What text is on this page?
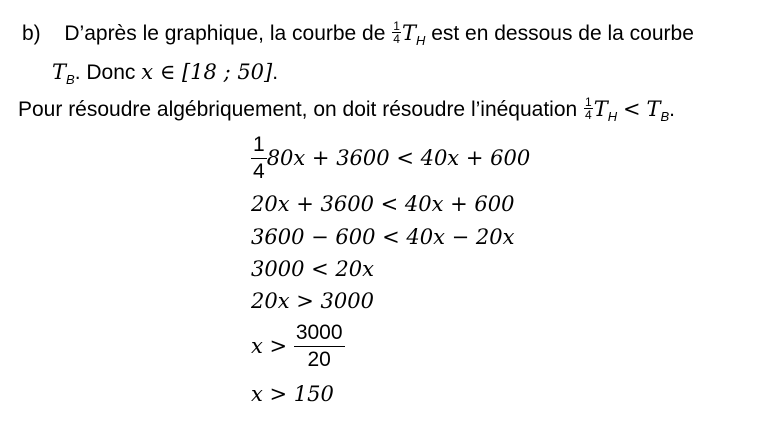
b) D’après le graphique, la courbe de $\frac{1}{4} T_H$ est en dessous de la courbe
$T_B$. Donc x ∈ [18 ; 50].
Pour résoudre algébriquement, on doit résoudre l’inéquation $\frac{1}{4} T_H < T_B$.
$\frac{1}{4} 80x + 3600 < 40x + 600$
20x + 3600 < 40x + 600
3600 − 600 < 40x − 20x
3000 < 20x
20x > 3000
$x > \frac{3000}{20}$
x > 150
